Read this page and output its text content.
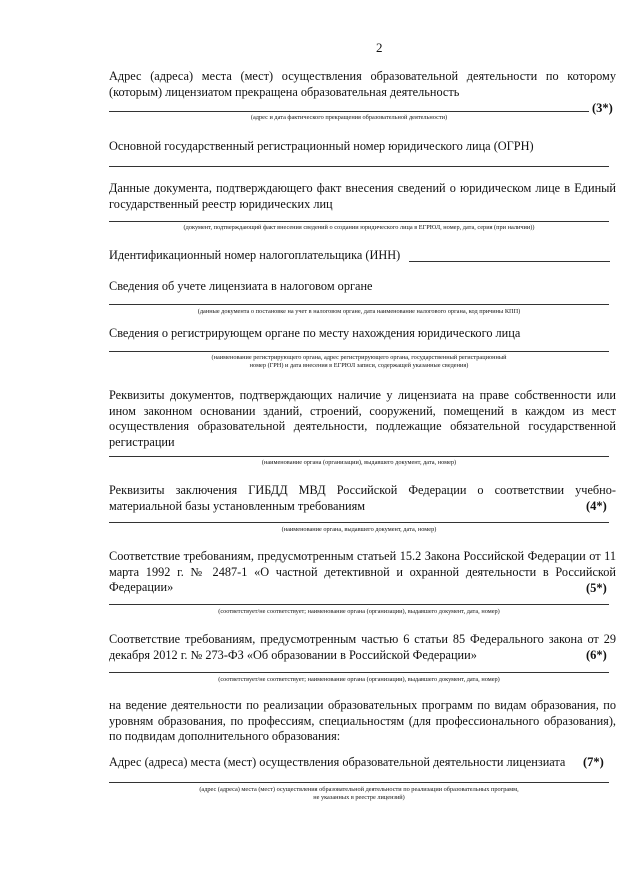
2
Адрес (адреса) места (мест) осуществления образовательной деятельности по которому (которым) лицензиатом прекращена образовательная деятельность
(3*)
(адрес и дата фактического прекращения образовательной деятельности)
Основной государственный регистрационный номер юридического лица (ОГРН)
Данные документа, подтверждающего факт внесения сведений о юридическом лице в Единый государственный реестр юридических лиц
(документ, подтверждающий факт внесения сведений о создании юридического лица в ЕГРЮЛ, номер, дата, серия (при наличии))
Идентификационный номер налогоплательщика (ИНН)
Сведения об учете лицензиата в налоговом органе
(данные документа о постановке на учет в налоговом органе, дата наименование налогового органа, код причины КПП)
Сведения о регистрирующем органе по месту нахождения юридического лица
(наименование регистрирующего органа, адрес регистрирующего органа, государственный регистрационный
номер (ГРН) и дата внесения в ЕГРЮЛ записи, содержащей указанные сведения)
Реквизиты документов, подтверждающих наличие у лицензиата на праве собственности или ином законном основании зданий, строений, сооружений, помещений в каждом из мест осуществления образовательной деятельности, подлежащие обязательной государственной регистрации
(наименование органа (организации), выдавшего документ, дата, номер)
Реквизиты заключения ГИБДД МВД Российской Федерации о соответствии учебно-материальной базы установленным требованиям	(4*)
(наименование органа, выдавшего документ, дата, номер)
Соответствие требованиям, предусмотренным статьей 15.2 Закона Российской Федерации от 11 марта 1992 г. № 2487-1 «О частной детективной и охранной деятельности в Российской Федерации»	(5*)
(соответствует/не соответствует; наименование органа (организации), выдавшего документ, дата, номер)
Соответствие требованиям, предусмотренным частью 6 статьи 85 Федерального закона от 29 декабря 2012 г. № 273-ФЗ «Об образовании в Российской Федерации»	(6*)
(соответствует/не соответствует; наименование органа (организации), выдавшего документ, дата, номер)
на ведение деятельности по реализации образовательных программ по видам образования, по уровням образования, по профессиям, специальностям (для профессионального образования), по подвидам дополнительного образования:
Адрес (адреса) места (мест) осуществления образовательной деятельности лицензиата	(7*)
(адрес (адреса) места (мест) осуществления образовательной деятельности по реализации образовательных программ,
не указанных в реестре лицензий)
